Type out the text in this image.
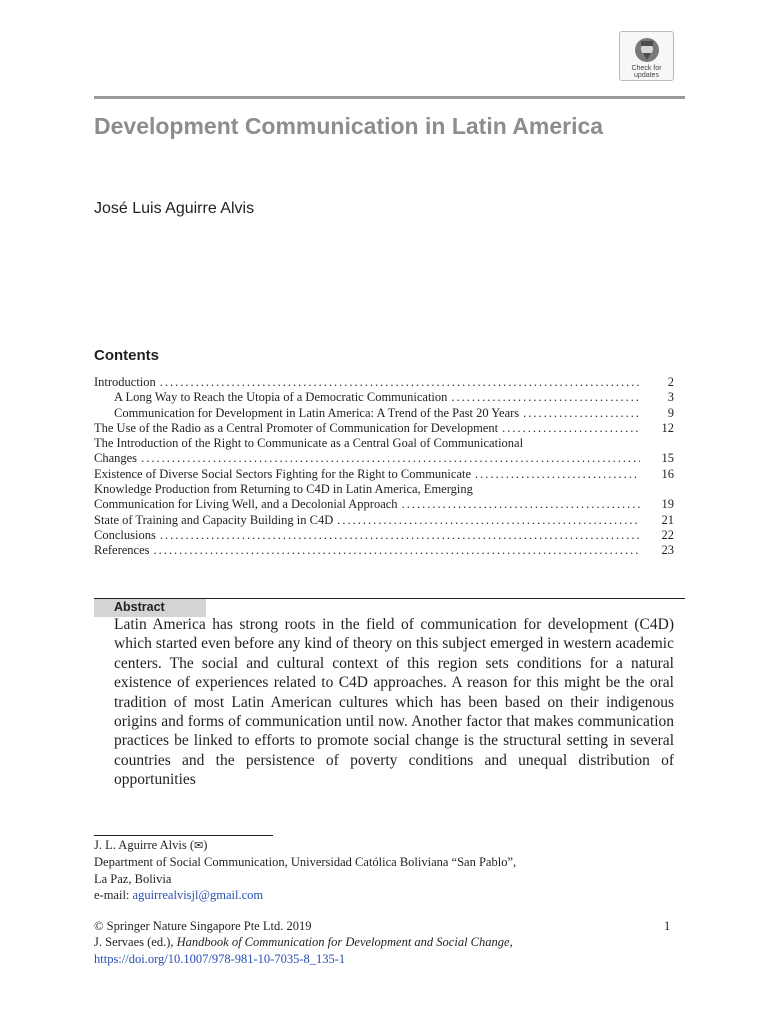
Check for
updates
Development Communication in Latin America
José Luis Aguirre Alvis
Contents
Introduction .....	2
A Long Way to Reach the Utopia of a Democratic Communication .....	3
Communication for Development in Latin America: A Trend of the Past 20 Years .....	9
The Use of the Radio as a Central Promoter of Communication for Development .....	12
The Introduction of the Right to Communicate as a Central Goal of Communicational
Changes .....	15
Existence of Diverse Social Sectors Fighting for the Right to Communicate .....	16
Knowledge Production from Returning to C4D in Latin America, Emerging
Communication for Living Well, and a Decolonial Approach .....	19
State of Training and Capacity Building in C4D .....	21
Conclusions .....	22
References .....	23
Abstract

Latin America has strong roots in the field of communication for development (C4D) which started even before any kind of theory on this subject emerged in western academic centers. The social and cultural context of this region sets conditions for a natural existence of experiences related to C4D approaches. A reason for this might be the oral tradition of most Latin American cultures which has been based on their indigenous origins and forms of communication until now. Another factor that makes communication practices be linked to efforts to promote social change is the structural setting in several countries and the persistence of poverty conditions and unequal distribution of opportunities

J. L. Aguirre Alvis (✉)
Department of Social Communication, Universidad Católica Boliviana “San Pablo”,
La Paz, Bolivia
e-mail: aguirrealvisjl@gmail.com
© Springer Nature Singapore Pte Ltd. 2019
J. Servaes (ed.), Handbook of Communication for Development and Social Change,
https://doi.org/10.1007/978-981-10-7035-8_135-1
1
